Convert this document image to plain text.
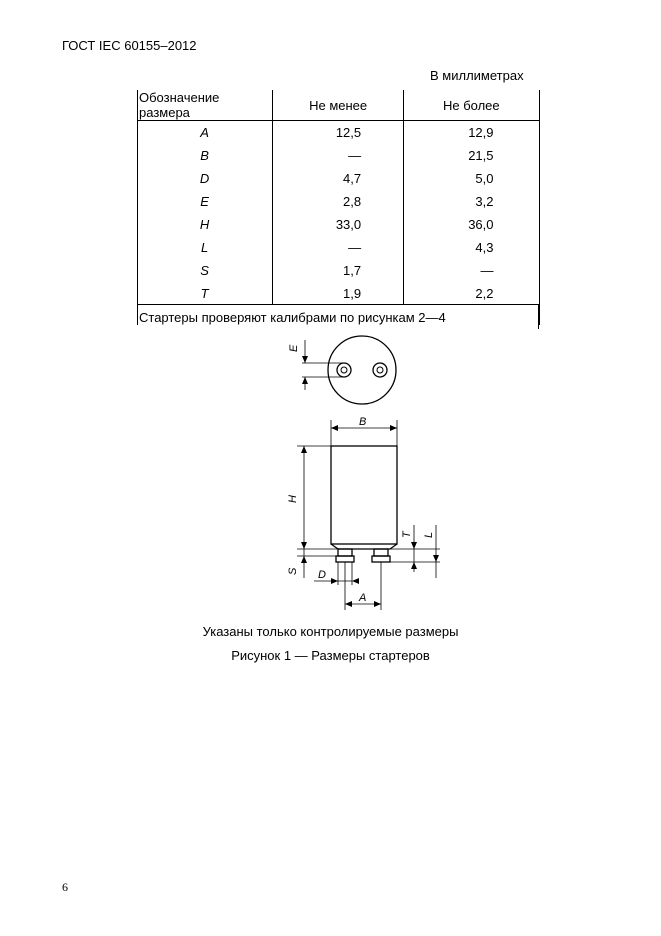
ГОСТ IEC 60155–2012
В миллиметрах
Обозначение размера	Не менее	Не более
A	12,5	12,9
B	—	21,5
D	4,7	5,0
E	2,8	3,2
H	33,0	36,0
L	—	4,3
S	1,7	—
T	1,9	2,2
Стартеры проверяют калибрами по рисункам 2—4		
E
B
H
S
T L
D
A
Указаны только контролируемые размеры
Рисунок 1 — Размеры стартеров
6
